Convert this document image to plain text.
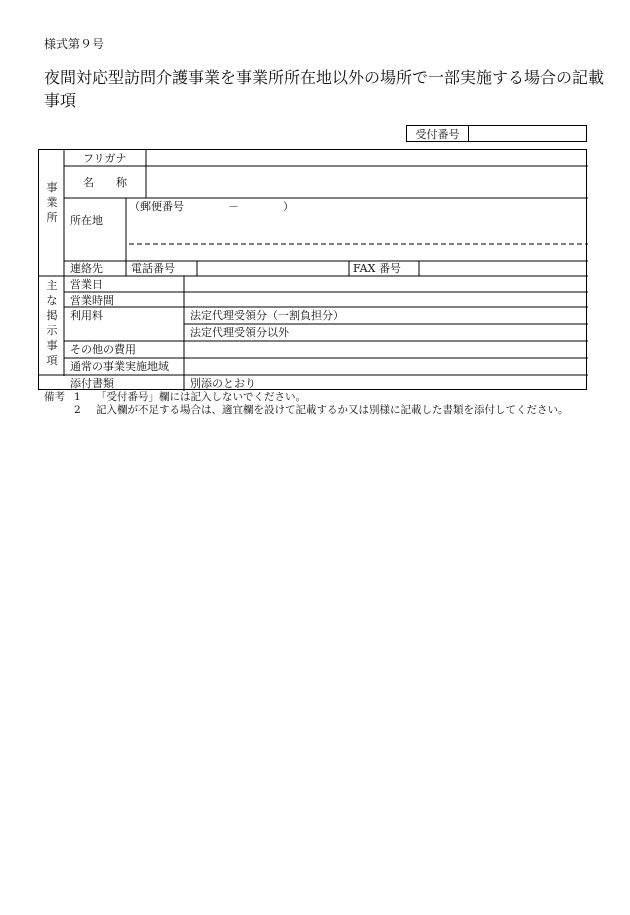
様式第９号
夜間対応型訪問介護事業を事業所所在地以外の場所で一部実施する場合の記載事項
受付番号
事業所
フリガナ
名　　称
所在地
（郵便番号　　　　－　　　　）
連絡先	電話番号	FAX 番号
主な掲示事項
営業日
営業時間
利用料	法定代理受領分（一割負担分）
法定代理受領分以外
その他の費用
通常の事業実施地域
添付書類	別添のとおり
備考 1	「受付番号」欄には記入しないでください。
2	記入欄が不足する場合は、適宜欄を設けて記載するか又は別様に記載した書類を添付してください。
